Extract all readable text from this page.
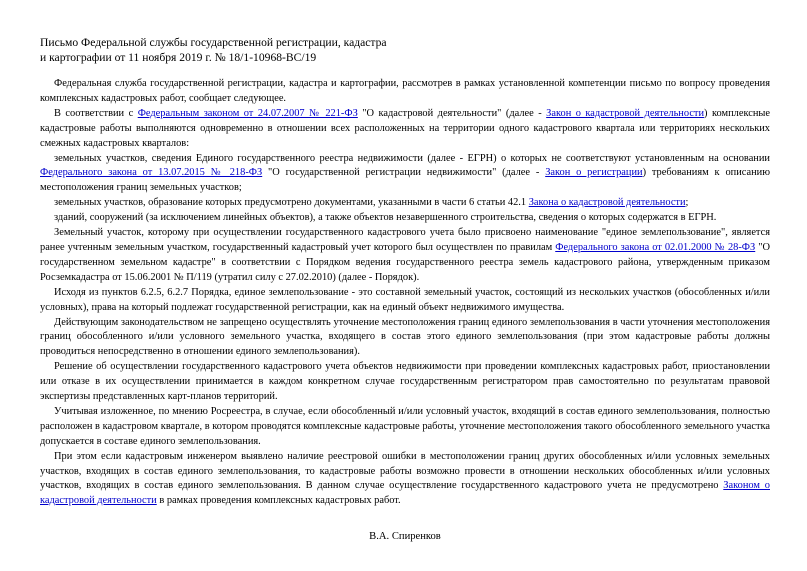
Письмо Федеральной службы государственной регистрации, кадастра
и картографии от 11 ноября 2019 г. № 18/1-10968-ВС/19

Федеральная служба государственной регистрации, кадастра и картографии, рассмотрев в рамках установленной компетенции письмо по вопросу проведения комплексных кадастровых работ, сообщает следующее.

В соответствии с Федеральным законом от 24.07.2007 № 221-ФЗ "О кадастровой деятельности" (далее - Закон о кадастровой деятельности) комплексные кадастровые работы выполняются одновременно в отношении всех расположенных на территории одного кадастрового квартала или территориях нескольких смежных кадастровых кварталов:

земельных участков, сведения Единого государственного реестра недвижимости (далее - ЕГРН) о которых не соответствуют установленным на основании Федерального закона от 13.07.2015 № 218-ФЗ "О государственной регистрации недвижимости" (далее - Закон о регистрации) требованиям к описанию местоположения границ земельных участков;

земельных участков, образование которых предусмотрено документами, указанными в части 6 статьи 42.1 Закона о кадастровой деятельности;

зданий, сооружений (за исключением линейных объектов), а также объектов незавершенного строительства, сведения о которых содержатся в ЕГРН.

Земельный участок, которому при осуществлении государственного кадастрового учета было присвоено наименование "единое землепользование", является ранее учтенным земельным участком, государственный кадастровый учет которого был осуществлен по правилам Федерального закона от 02.01.2000 № 28-ФЗ "О государственном земельном кадастре" в соответствии с Порядком ведения государственного реестра земель кадастрового района, утвержденным приказом Росземкадастра от 15.06.2001 № П/119 (утратил силу с 27.02.2010) (далее - Порядок).

Исходя из пунктов 6.2.5, 6.2.7 Порядка, единое землепользование - это составной земельный участок, состоящий из нескольких участков (обособленных и/или условных), права на который подлежат государственной регистрации, как на единый объект недвижимого имущества.

Действующим законодательством не запрещено осуществлять уточнение местоположения границ единого землепользования в части уточнения местоположения границ обособленного и/или условного земельного участка, входящего в состав этого единого землепользования (при этом кадастровые работы должны проводиться непосредственно в отношении единого землепользования).

Решение об осуществлении государственного кадастрового учета объектов недвижимости при проведении комплексных кадастровых работ, приостановлении или отказе в их осуществлении принимается в каждом конкретном случае государственным регистратором прав самостоятельно по результатам правовой экспертизы представленных карт-планов территорий.

Учитывая изложенное, по мнению Росреестра, в случае, если обособленный и/или условный участок, входящий в состав единого землепользования, полностью расположен в кадастровом квартале, в котором проводятся комплексные кадастровые работы, уточнение местоположения такого обособленного земельного участка допускается в составе единого землепользования.

При этом если кадастровым инженером выявлено наличие реестровой ошибки в местоположении границ других обособленных и/или условных земельных участков, входящих в состав единого землепользования, то кадастровые работы возможно провести в отношении нескольких обособленных и/или условных участков, входящих в состав единого землепользования. В данном случае осуществление государственного кадастрового учета не предусмотрено Законом о кадастровой деятельности в рамках проведения комплексных кадастровых работ.

В.А. Спиренков
